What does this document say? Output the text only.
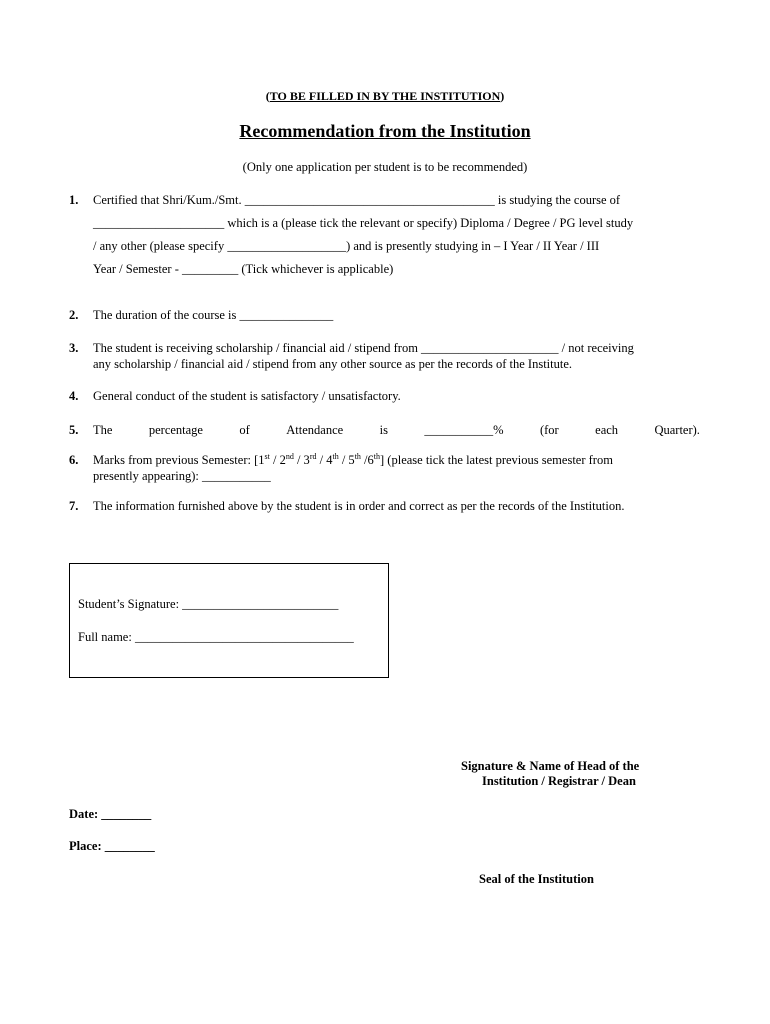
(TO BE FILLED IN BY THE INSTITUTION)
Recommendation from the Institution
(Only one application per student is to be recommended)
1. Certified that Shri/Kum./Smt. ________________________________________ is studying the course of
_____________________ which is a (please tick the relevant or specify) Diploma / Degree / PG level study
/ any other (please specify ___________________) and is presently studying in – I Year / II Year / III
Year / Semester - _________ (Tick whichever is applicable)
2. The duration of the course is _______________
3. The student is receiving scholarship / financial aid / stipend from ______________________ / not receiving
any scholarship / financial aid / stipend from any other source as per the records of the Institute.
4. General conduct of the student is satisfactory / unsatisfactory.
5. The	percentage	of	Attendance	is	___________%	(for	each	Quarter).
6. Marks from previous Semester: [1st / 2nd / 3rd / 4th / 5th /6th] (please tick the latest previous semester from
presently appearing): ___________
7. The information furnished above by the student is in order and correct as per the records of the Institution.
Student’s Signature: _________________________
Full name: ___________________________________
Signature & Name of Head of the
Institution / Registrar / Dean
Date: ________
Place: ________
Seal of the Institution
